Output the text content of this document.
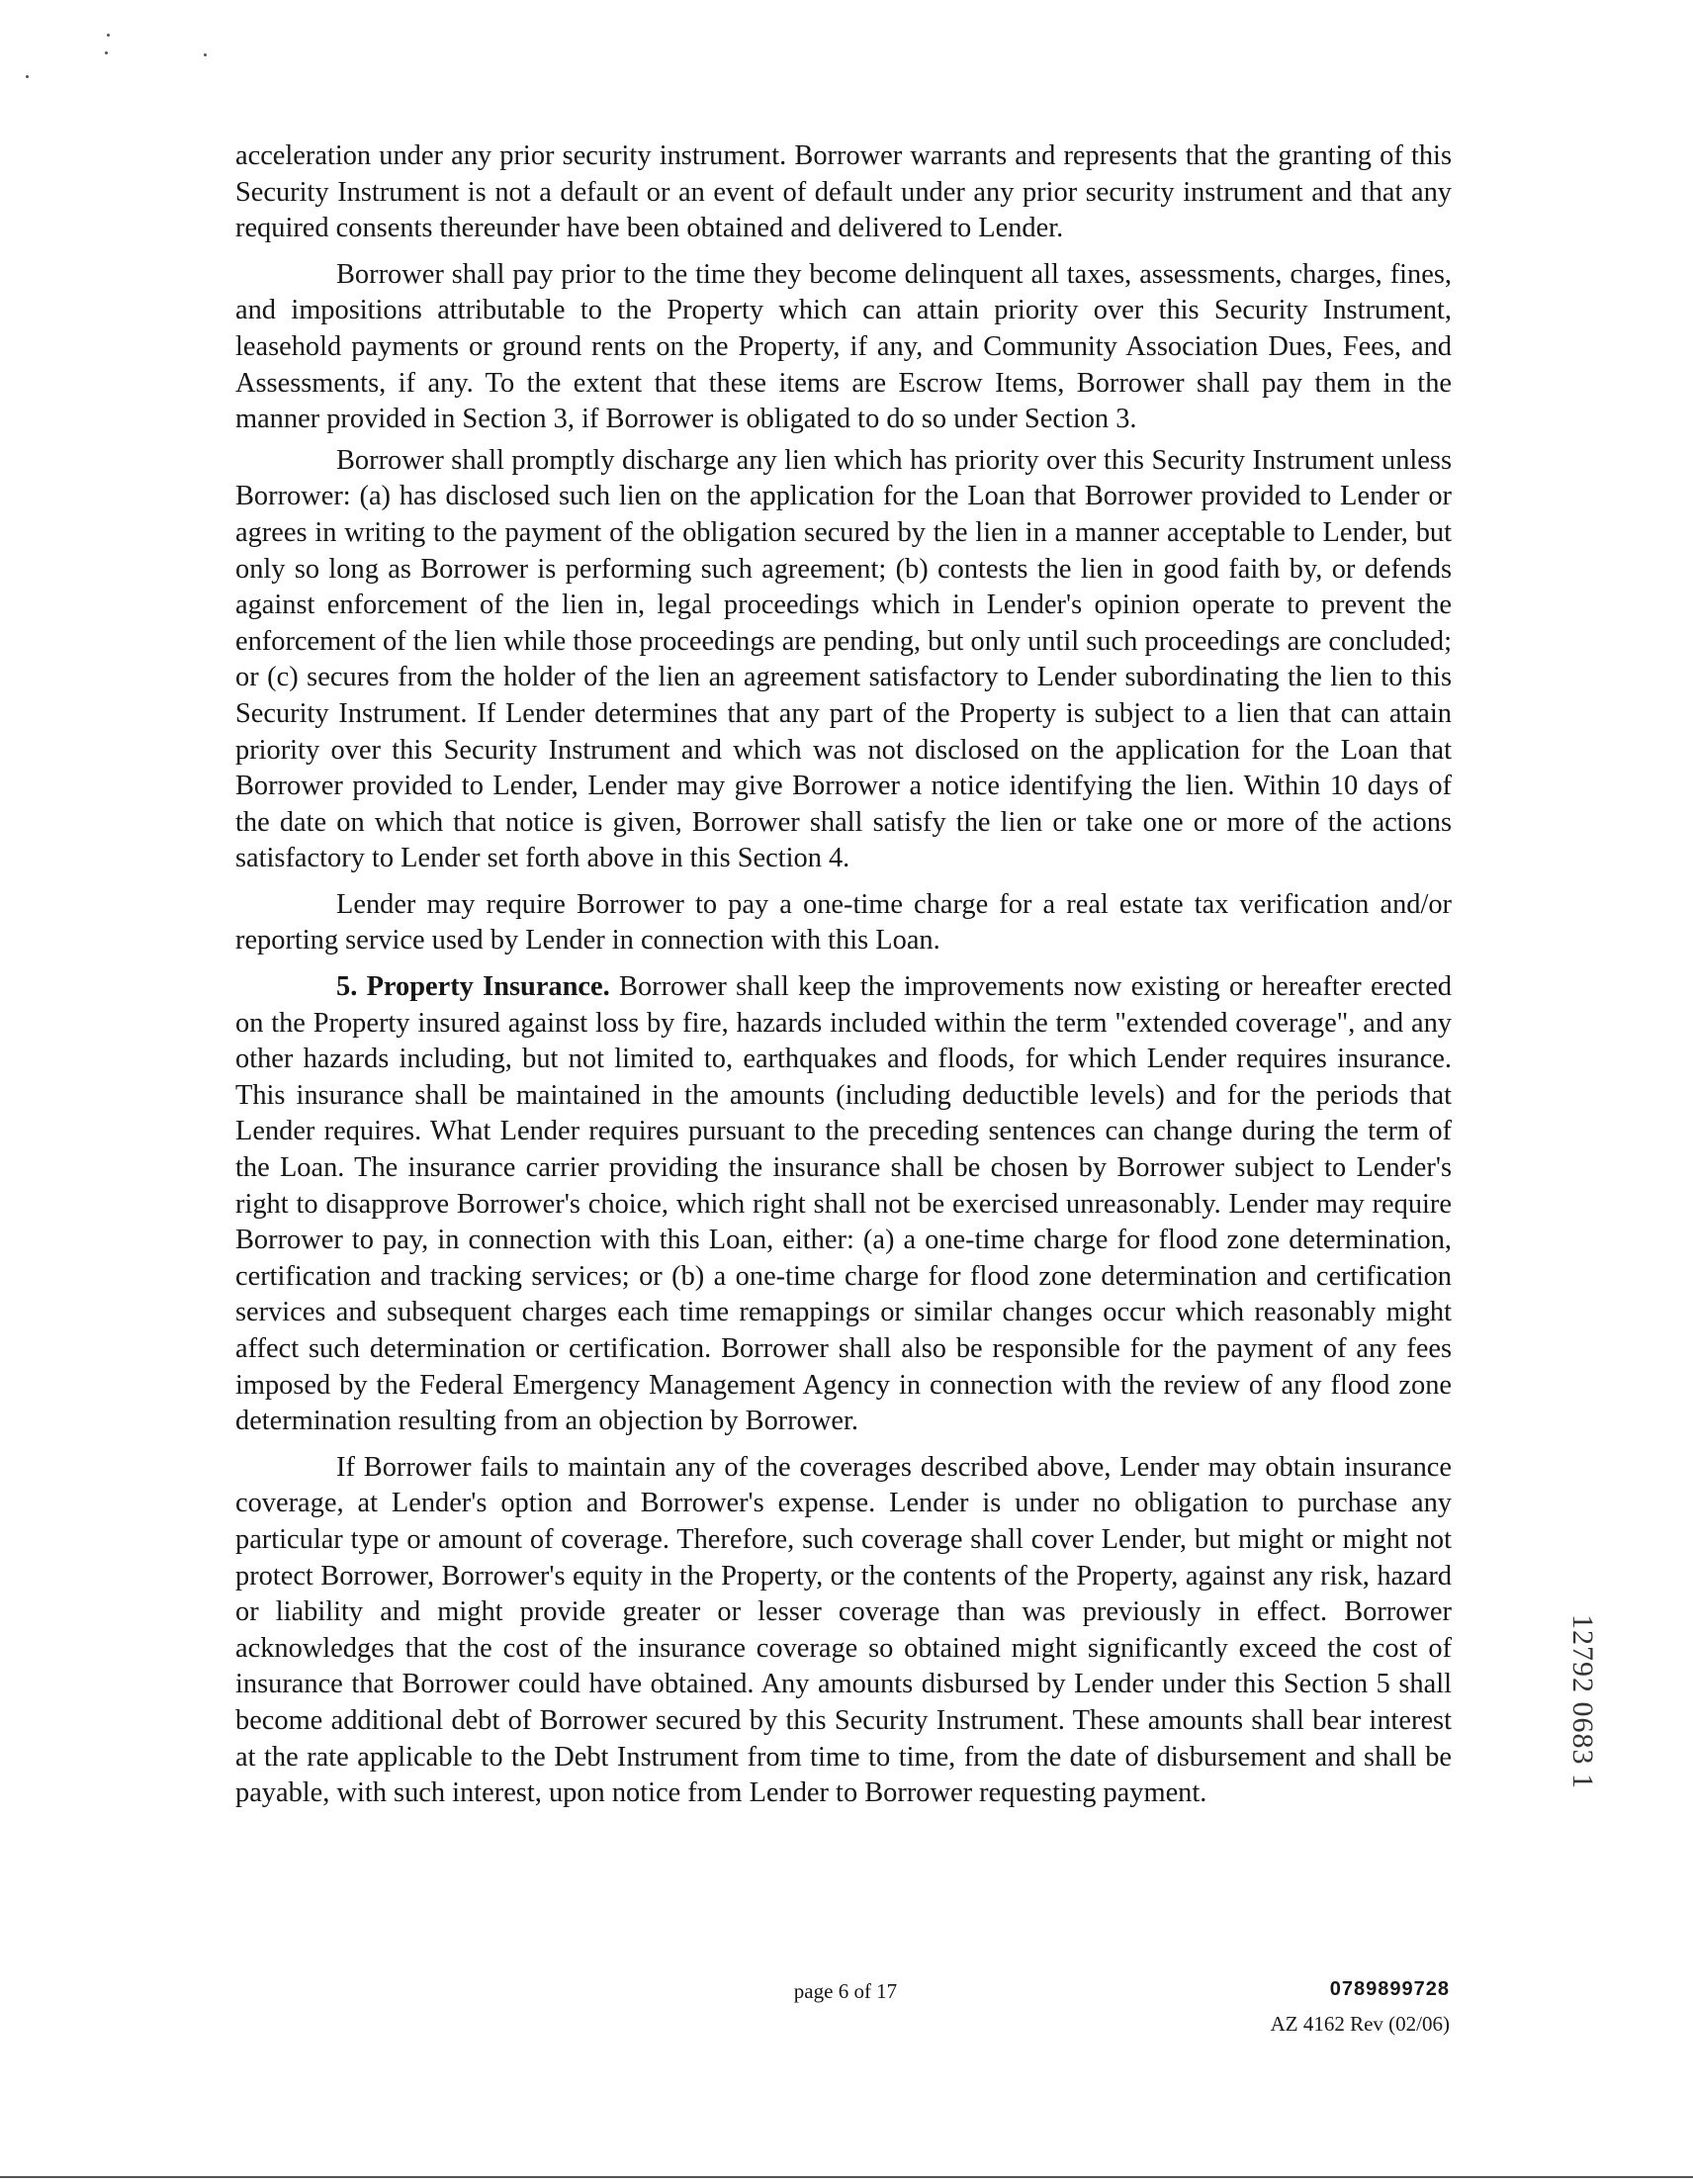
acceleration under any prior security instrument. Borrower warrants and represents that the granting of this Security Instrument is not a default or an event of default under any prior security instrument and that any required consents thereunder have been obtained and delivered to Lender.

Borrower shall pay prior to the time they become delinquent all taxes, assessments, charges, fines, and impositions attributable to the Property which can attain priority over this Security Instrument, leasehold payments or ground rents on the Property, if any, and Community Association Dues, Fees, and Assessments, if any. To the extent that these items are Escrow Items, Borrower shall pay them in the manner provided in Section 3, if Borrower is obligated to do so under Section 3.

Borrower shall promptly discharge any lien which has priority over this Security Instrument unless Borrower: (a) has disclosed such lien on the application for the Loan that Borrower provided to Lender or agrees in writing to the payment of the obligation secured by the lien in a manner acceptable to Lender, but only so long as Borrower is performing such agreement; (b) contests the lien in good faith by, or defends against enforcement of the lien in, legal proceedings which in Lender's opinion operate to prevent the enforcement of the lien while those proceedings are pending, but only until such proceedings are concluded; or (c) secures from the holder of the lien an agreement satisfactory to Lender subordinating the lien to this Security Instrument. If Lender determines that any part of the Property is subject to a lien that can attain priority over this Security Instrument and which was not disclosed on the application for the Loan that Borrower provided to Lender, Lender may give Borrower a notice identifying the lien. Within 10 days of the date on which that notice is given, Borrower shall satisfy the lien or take one or more of the actions satisfactory to Lender set forth above in this Section 4.

Lender may require Borrower to pay a one-time charge for a real estate tax verification and/or reporting service used by Lender in connection with this Loan.

5. Property Insurance. Borrower shall keep the improvements now existing or hereafter erected on the Property insured against loss by fire, hazards included within the term "extended coverage", and any other hazards including, but not limited to, earthquakes and floods, for which Lender requires insurance. This insurance shall be maintained in the amounts (including deductible levels) and for the periods that Lender requires. What Lender requires pursuant to the preceding sentences can change during the term of the Loan. The insurance carrier providing the insurance shall be chosen by Borrower subject to Lender's right to disapprove Borrower's choice, which right shall not be exercised unreasonably. Lender may require Borrower to pay, in connection with this Loan, either: (a) a one-time charge for flood zone determination, certification and tracking services; or (b) a one-time charge for flood zone determination and certification services and subsequent charges each time remappings or similar changes occur which reasonably might affect such determination or certification. Borrower shall also be responsible for the payment of any fees imposed by the Federal Emergency Management Agency in connection with the review of any flood zone determination resulting from an objection by Borrower.

If Borrower fails to maintain any of the coverages described above, Lender may obtain insurance coverage, at Lender's option and Borrower's expense. Lender is under no obligation to purchase any particular type or amount of coverage. Therefore, such coverage shall cover Lender, but might or might not protect Borrower, Borrower's equity in the Property, or the contents of the Property, against any risk, hazard or liability and might provide greater or lesser coverage than was previously in effect. Borrower acknowledges that the cost of the insurance coverage so obtained might significantly exceed the cost of insurance that Borrower could have obtained. Any amounts disbursed by Lender under this Section 5 shall become additional debt of Borrower secured by this Security Instrument. These amounts shall bear interest at the rate applicable to the Debt Instrument from time to time, from the date of disbursement and shall be payable, with such interest, upon notice from Lender to Borrower requesting payment.

12792 0683 1
page 6 of 17	0789899728
AZ 4162 Rev (02/06)
